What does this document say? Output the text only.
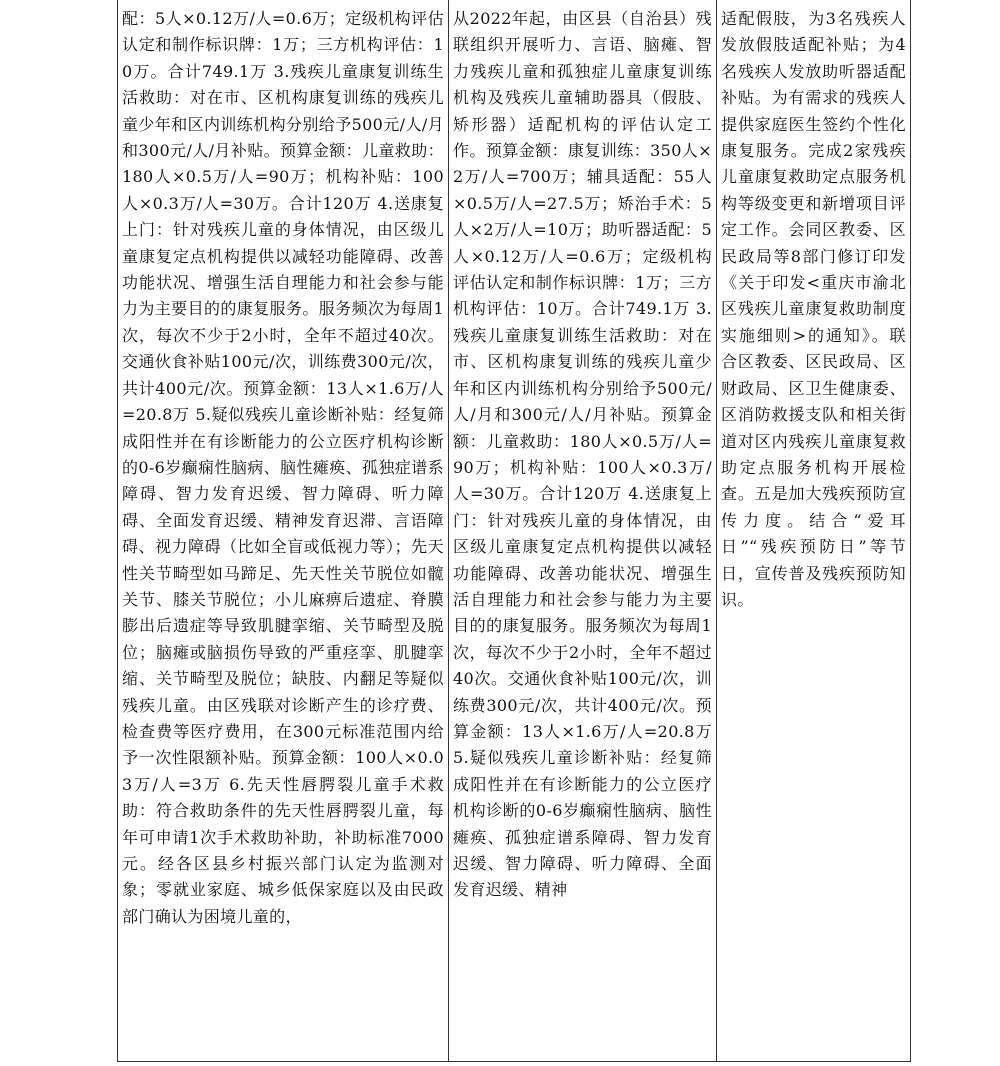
配：5人×0.12万/人=0.6万；定级机构评估认定和制作标识牌：1万；三方机构评估：10万。合计749.1万 3.残疾儿童康复训练生活救助：对在市、区机构康复训练的残疾儿童少年和区内训练机构分别给予500元/人/月和300元/人/月补贴。预算金额：儿童救助：180人×0.5万/人=90万；机构补贴：100人×0.3万/人=30万。合计120万 4.送康复上门：针对残疾儿童的身体情况，由区级儿童康复定点机构提供以减轻功能障碍、改善功能状况、增强生活自理能力和社会参与能力为主要目的的康复服务。服务频次为每周1次，每次不少于2小时，全年不超过40次。交通伙食补贴100元/次，训练费300元/次，共计400元/次。预算金额：13人×1.6万/人=20.8万 5.疑似残疾儿童诊断补贴：经复筛成阳性并在有诊断能力的公立医疗机构诊断的0-6岁癫痫性脑病、脑性瘫痪、孤独症谱系障碍、智力发育迟缓、智力障碍、听力障碍、全面发育迟缓、精神发育迟滞、言语障碍、视力障碍（比如全盲或低视力等）；先天性关节畸型如马蹄足、先天性关节脱位如髋关节、膝关节脱位；小儿麻痹后遗症、脊膜膨出后遗症等导致肌腱挛缩、关节畸型及脱位；脑瘫或脑损伤导致的严重痉挛、肌腱挛缩、关节畸型及脱位；缺肢、内翻足等疑似残疾儿童。由区残联对诊断产生的诊疗费、检查费等医疗费用，在300元标准范围内给予一次性限额补贴。预算金额：100人×0.03万/人=3万 6.先天性唇腭裂儿童手术救助：符合救助条件的先天性唇腭裂儿童，每年可申请1次手术救助补助，补助标准7000元。经各区县乡村振兴部门认定为监测对象；零就业家庭、城乡低保家庭以及由民政部门确认为困境儿童的，	从2022年起，由区县（自治县）残联组织开展听力、言语、脑瘫、智力残疾儿童和孤独症儿童康复训练机构及残疾儿童辅助器具（假肢、矫形器）适配机构的评估认定工作。预算金额：康复训练：350人×2万/人=700万；辅具适配：55人×0.5万/人=27.5万；矫治手术：5人×2万/人=10万；助听器适配：5人×0.12万/人=0.6万；定级机构评估认定和制作标识牌：1万；三方机构评估：10万。合计749.1万 3.残疾儿童康复训练生活救助：对在市、区机构康复训练的残疾儿童少年和区内训练机构分别给予500元/人/月和300元/人/月补贴。预算金额：儿童救助：180人×0.5万/人=90万；机构补贴：100人×0.3万/人=30万。合计120万 4.送康复上门：针对残疾儿童的身体情况，由区级儿童康复定点机构提供以减轻功能障碍、改善功能状况、增强生活自理能力和社会参与能力为主要目的的康复服务。服务频次为每周1次，每次不少于2小时，全年不超过40次。交通伙食补贴100元/次，训练费300元/次，共计400元/次。预算金额：13人×1.6万/人=20.8万 5.疑似残疾儿童诊断补贴：经复筛成阳性并在有诊断能力的公立医疗机构诊断的0-6岁癫痫性脑病、脑性瘫痪、孤独症谱系障碍、智力发育迟缓、智力障碍、听力障碍、全面发育迟缓、精神	适配假肢，为3名残疾人发放假肢适配补贴；为4名残疾人发放助听器适配补贴。为有需求的残疾人提供家庭医生签约个性化康复服务。完成2家残疾儿童康复救助定点服务机构等级变更和新增项目评定工作。会同区教委、区民政局等8部门修订印发《关于印发<重庆市渝北区残疾儿童康复救助制度实施细则>的通知》。联合区教委、区民政局、区财政局、区卫生健康委、区消防救援支队和相关街道对区内残疾儿童康复救助定点服务机构开展检查。五是加大残疾预防宣传力度。结合“爱耳日”“残疾预防日”等节日，宣传普及残疾预防知识。
